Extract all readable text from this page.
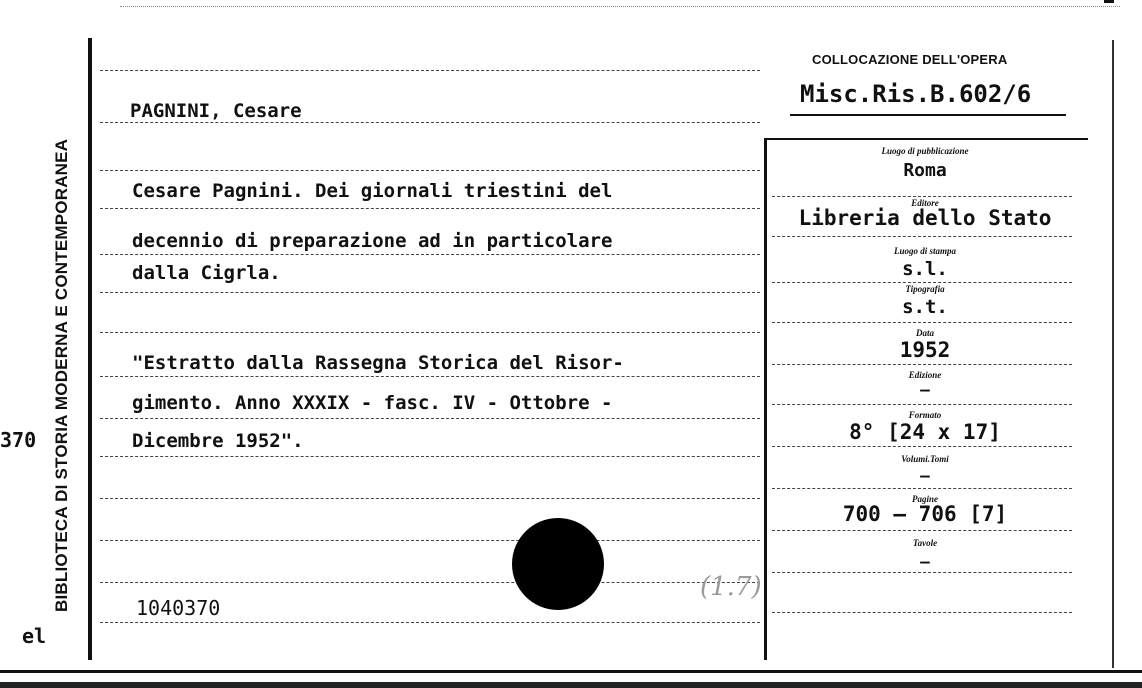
370
el
BIBLIOTECA DI STORIA MODERNA E CONTEMPORANEA
COLLOCAZIONE DELL'OPERA
Misc.Ris.B.602/6
Luogo di pubblicazione
Roma
Editore
Libreria dello Stato
Luogo di stampa
s.l.
Tipografia
s.t.
Data
1952
Edizione
–
Formato
8° [24 x 17]
Volumi.Tomi
–
Pagine
700 – 706 [7]
Tavole
–
PAGNINI, Cesare
Cesare Pagnini. Dei giornali triestini del
decennio di preparazione ad in particolare
dalla Cigrla.
"Estratto dalla Rassegna Storica del Risor-
gimento. Anno XXXIX - fasc. IV - Ottobre -
Dicembre 1952".
1040370
(1.7)
